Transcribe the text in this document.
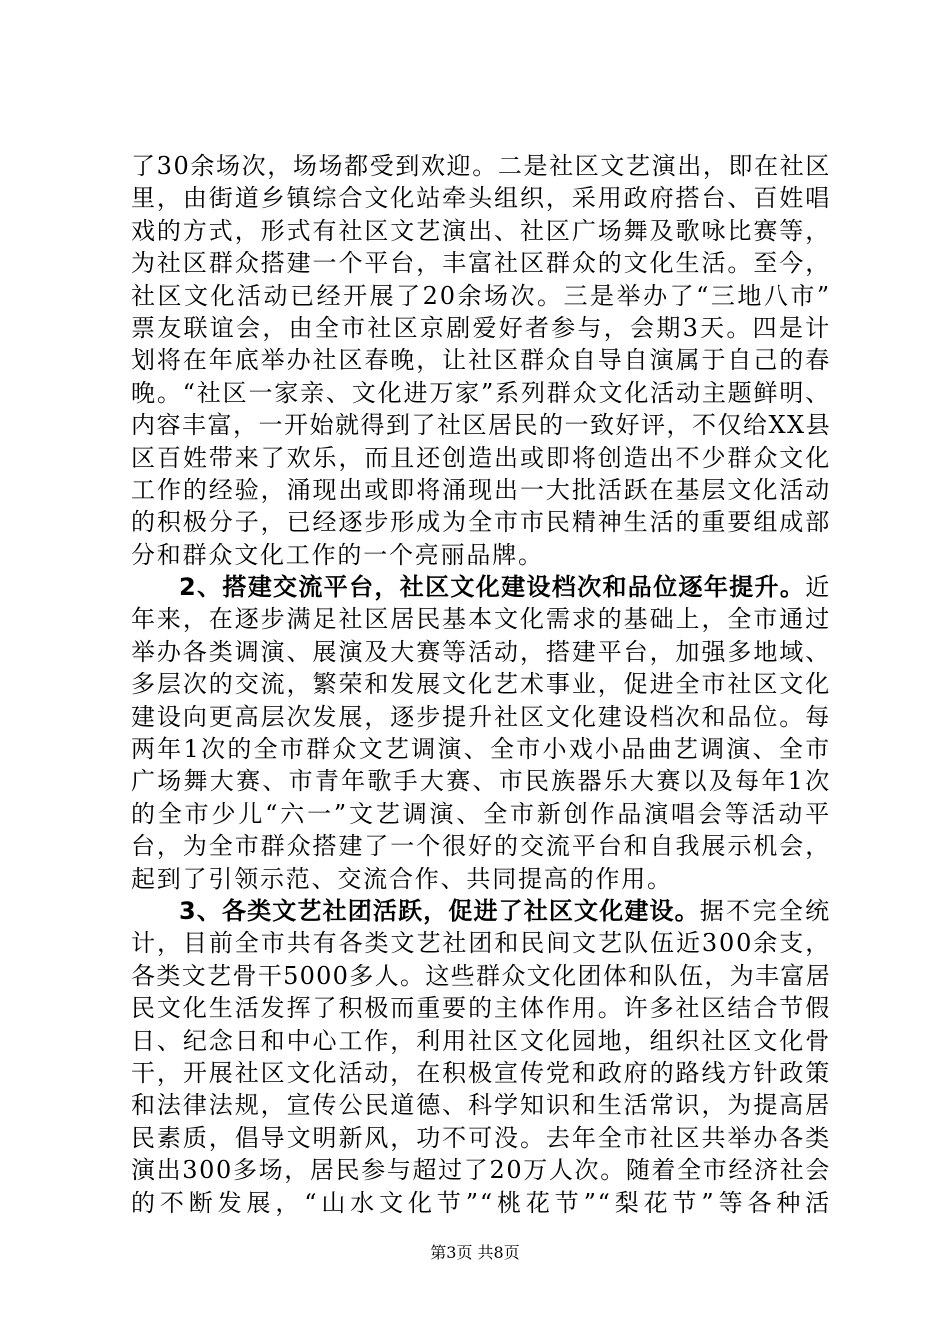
了30余场次，场场都受到欢迎。二是社区文艺演出，即在社区
里，由街道乡镇综合文化站牵头组织，采用政府搭台、百姓唱
戏的方式，形式有社区文艺演出、社区广场舞及歌咏比赛等，
为社区群众搭建一个平台，丰富社区群众的文化生活。至今，
社区文化活动已经开展了20余场次。三是举办了“三地八市”
票友联谊会，由全市社区京剧爱好者参与，会期3天。四是计
划将在年底举办社区春晚，让社区群众自导自演属于自己的春
晚。“社区一家亲、文化进万家”系列群众文化活动主题鲜明、
内容丰富，一开始就得到了社区居民的一致好评，不仅给XX县
区百姓带来了欢乐，而且还创造出或即将创造出不少群众文化
工作的经验，涌现出或即将涌现出一大批活跃在基层文化活动
的积极分子，已经逐步形成为全市市民精神生活的重要组成部
分和群众文化工作的一个亮丽品牌。
2、搭建交流平台，社区文化建设档次和品位逐年提升。近
年来，在逐步满足社区居民基本文化需求的基础上，全市通过
举办各类调演、展演及大赛等活动，搭建平台，加强多地域、
多层次的交流，繁荣和发展文化艺术事业，促进全市社区文化
建设向更高层次发展，逐步提升社区文化建设档次和品位。每
两年1次的全市群众文艺调演、全市小戏小品曲艺调演、全市
广场舞大赛、市青年歌手大赛、市民族器乐大赛以及每年1次
的全市少儿“六一”文艺调演、全市新创作品演唱会等活动平
台，为全市群众搭建了一个很好的交流平台和自我展示机会，
起到了引领示范、交流合作、共同提高的作用。
3、各类文艺社团活跃，促进了社区文化建设。据不完全统
计，目前全市共有各类文艺社团和民间文艺队伍近300余支，
各类文艺骨干5000多人。这些群众文化团体和队伍，为丰富居
民文化生活发挥了积极而重要的主体作用。许多社区结合节假
日、纪念日和中心工作，利用社区文化园地，组织社区文化骨
干，开展社区文化活动，在积极宣传党和政府的路线方针政策
和法律法规，宣传公民道德、科学知识和生活常识，为提高居
民素质，倡导文明新风，功不可没。去年全市社区共举办各类
演出300多场，居民参与超过了20万人次。随着全市经济社会
的不断发展，“山水文化节”“桃花节”“梨花节”等各种活
第3页 共8页
